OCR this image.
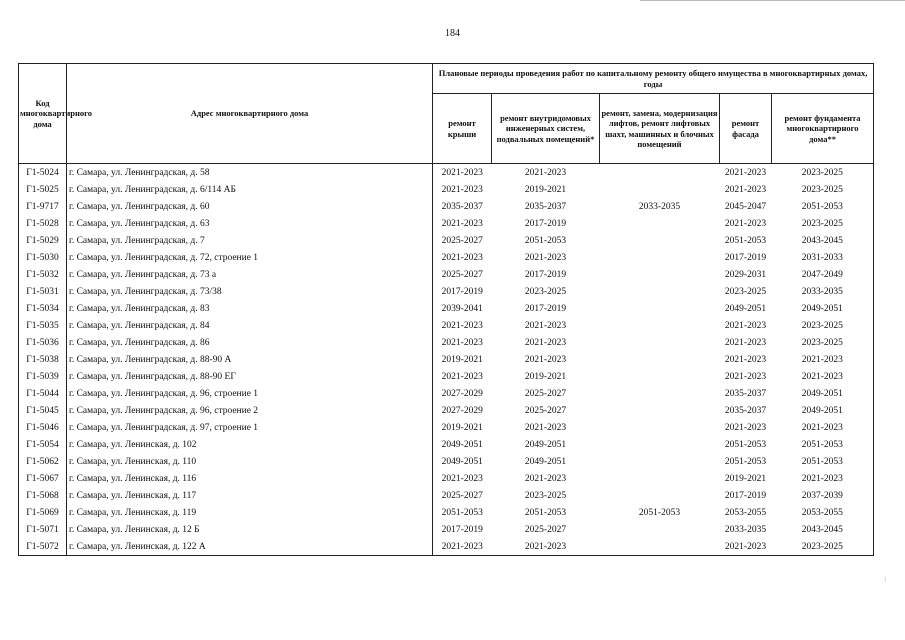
184
Код многоквартирного дома	Адрес многоквартирного дома	Плановые периоды проведения работ по капитальному ремонту общего имущества в многоквартирных домах, годы				
		ремонт крыши	ремонт внутридомовых инженерных систем, подвальных помещений*	ремонт, замена, модернизация лифтов, ремонт лифтовых шахт, машинных и блочных помещений	ремонт фасада	ремонт фундамента многоквартирного дома**
Г1-5024	г. Самара, ул. Ленинградская, д. 58	2021-2023	2021-2023		2021-2023	2023-2025
Г1-5025	г. Самара, ул. Ленинградская, д. 6/114 АБ	2021-2023	2019-2021		2021-2023	2023-2025
Г1-9717	г. Самара, ул. Ленинградская, д. 60	2035-2037	2035-2037	2033-2035	2045-2047	2051-2053
Г1-5028	г. Самара, ул. Ленинградская, д. 63	2021-2023	2017-2019		2021-2023	2023-2025
Г1-5029	г. Самара, ул. Ленинградская, д. 7	2025-2027	2051-2053		2051-2053	2043-2045
Г1-5030	г. Самара, ул. Ленинградская, д. 72, строение 1	2021-2023	2021-2023		2017-2019	2031-2033
Г1-5032	г. Самара, ул. Ленинградская, д. 73 а	2025-2027	2017-2019		2029-2031	2047-2049
Г1-5031	г. Самара, ул. Ленинградская, д. 73/38	2017-2019	2023-2025		2023-2025	2033-2035
Г1-5034	г. Самара, ул. Ленинградская, д. 83	2039-2041	2017-2019		2049-2051	2049-2051
Г1-5035	г. Самара, ул. Ленинградская, д. 84	2021-2023	2021-2023		2021-2023	2023-2025
Г1-5036	г. Самара, ул. Ленинградская, д. 86	2021-2023	2021-2023		2021-2023	2023-2025
Г1-5038	г. Самара, ул. Ленинградская, д. 88-90 А	2019-2021	2021-2023		2021-2023	2021-2023
Г1-5039	г. Самара, ул. Ленинградская, д. 88-90 ЕГ	2021-2023	2019-2021		2021-2023	2021-2023
Г1-5044	г. Самара, ул. Ленинградская, д. 96, строение 1	2027-2029	2025-2027		2035-2037	2049-2051
Г1-5045	г. Самара, ул. Ленинградская, д. 96, строение 2	2027-2029	2025-2027		2035-2037	2049-2051
Г1-5046	г. Самара, ул. Ленинградская, д. 97, строение 1	2019-2021	2021-2023		2021-2023	2021-2023
Г1-5054	г. Самара, ул. Ленинская, д. 102	2049-2051	2049-2051		2051-2053	2051-2053
Г1-5062	г. Самара, ул. Ленинская, д. 110	2049-2051	2049-2051		2051-2053	2051-2053
Г1-5067	г. Самара, ул. Ленинская, д. 116	2021-2023	2021-2023		2019-2021	2021-2023
Г1-5068	г. Самара, ул. Ленинская, д. 117	2025-2027	2023-2025		2017-2019	2037-2039
Г1-5069	г. Самара, ул. Ленинская, д. 119	2051-2053	2051-2053	2051-2053	2053-2055	2053-2055
Г1-5071	г. Самара, ул. Ленинская, д. 12 Б	2017-2019	2025-2027		2033-2035	2043-2045
Г1-5072	г. Самара, ул. Ленинская, д. 122 А	2021-2023	2021-2023		2021-2023	2023-2025
⁝
